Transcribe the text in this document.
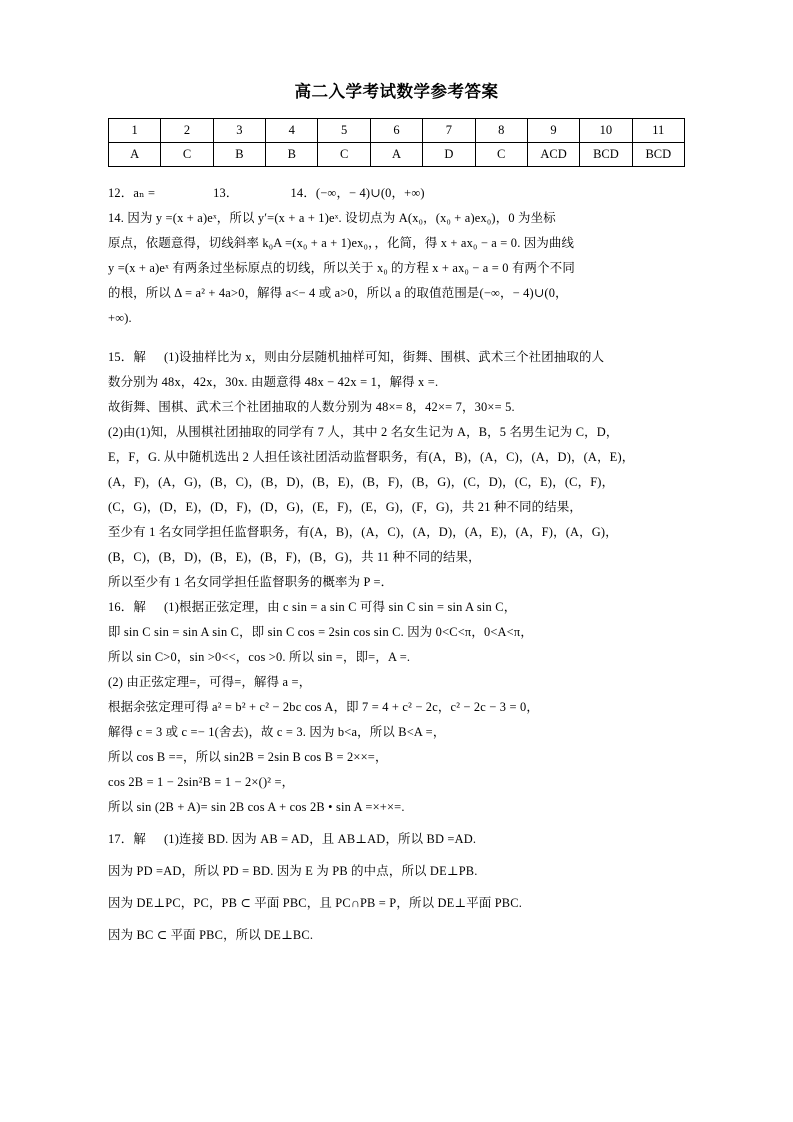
高二入学考试数学参考答案
1	2	3	4	5	6	7	8	9	10	11
A	C	B	B	C	A	D	C	ACD	BCD	BCD
12．aₙ =	13．	14．(−∞，− 4)∪(0，+∞)
14. 因为 y =(x + a)eˣ，所以 y′=(x + a + 1)eˣ. 设切点为 A(x₀，(x₀ + a)ex₀)，0 为坐标
原点，依题意得，切线斜率 k₀A =(x₀ + a + 1)ex₀，，化简，得 x + ax₀ − a = 0. 因为曲线
y =(x + a)eˣ 有两条过坐标原点的切线，所以关于 x₀ 的方程 x + ax₀ − a = 0 有两个不同
的根，所以 Δ = a² + 4a>0，解得 a<− 4 或 a>0，所以 a 的取值范围是(−∞，− 4)∪(0，
+∞).
15．解 (1)设抽样比为 x，则由分层随机抽样可知，街舞、围棋、武术三个社团抽取的人
数分别为 48x，42x，30x. 由题意得 48x − 42x = 1，解得 x =.
故街舞、围棋、武术三个社团抽取的人数分别为 48×= 8，42×= 7，30×= 5.
(2)由(1)知，从围棋社团抽取的同学有 7 人，其中 2 名女生记为 A，B，5 名男生记为 C，D，
E，F，G. 从中随机选出 2 人担任该社团活动监督职务，有(A，B)，(A，C)，(A，D)，(A，E)，
(A，F)，(A，G)，(B，C)，(B，D)，(B，E)，(B，F)，(B，G)，(C，D)，(C，E)，(C，F)，
(C，G)，(D，E)，(D，F)，(D，G)，(E，F)，(E，G)，(F，G)，共 21 种不同的结果，
至少有 1 名女同学担任监督职务，有(A，B)，(A，C)，(A，D)，(A，E)，(A，F)，(A，G)，
(B，C)，(B，D)，(B，E)，(B，F)，(B，G)，共 11 种不同的结果，
所以至少有 1 名女同学担任监督职务的概率为 P =．
16．解 (1)根据正弦定理，由 c sin = a sin C 可得 sin C sin = sin A sin C，
即 sin C sin = sin A sin C，即 sin C cos = 2sin cos sin C. 因为 0<C<π，0<A<π，
所以 sin C>0，sin >0<<，cos >0. 所以 sin =，即=，A =.
(2) 由正弦定理=，可得=，解得 a =，
根据余弦定理可得 a² = b² + c² − 2bc cos A，即 7 = 4 + c² − 2c，c² − 2c − 3 = 0，
解得 c = 3 或 c =− 1(舍去)，故 c = 3. 因为 b<a，所以 B<A =，
所以 cos B ==，所以 sin2B = 2sin B cos B = 2××=，
cos 2B = 1 − 2sin²B = 1 − 2×()² =，
所以 sin (2B + A)= sin 2B cos A + cos 2B • sin A =×+×=.
17．解 (1)连接 BD. 因为 AB = AD，且 AB⊥AD，所以 BD =AD.
因为 PD =AD，所以 PD = BD. 因为 E 为 PB 的中点，所以 DE⊥PB.
因为 DE⊥PC，PC，PB ⊂ 平面 PBC，且 PC∩PB = P，所以 DE⊥平面 PBC.
因为 BC ⊂ 平面 PBC，所以 DE⊥BC.
